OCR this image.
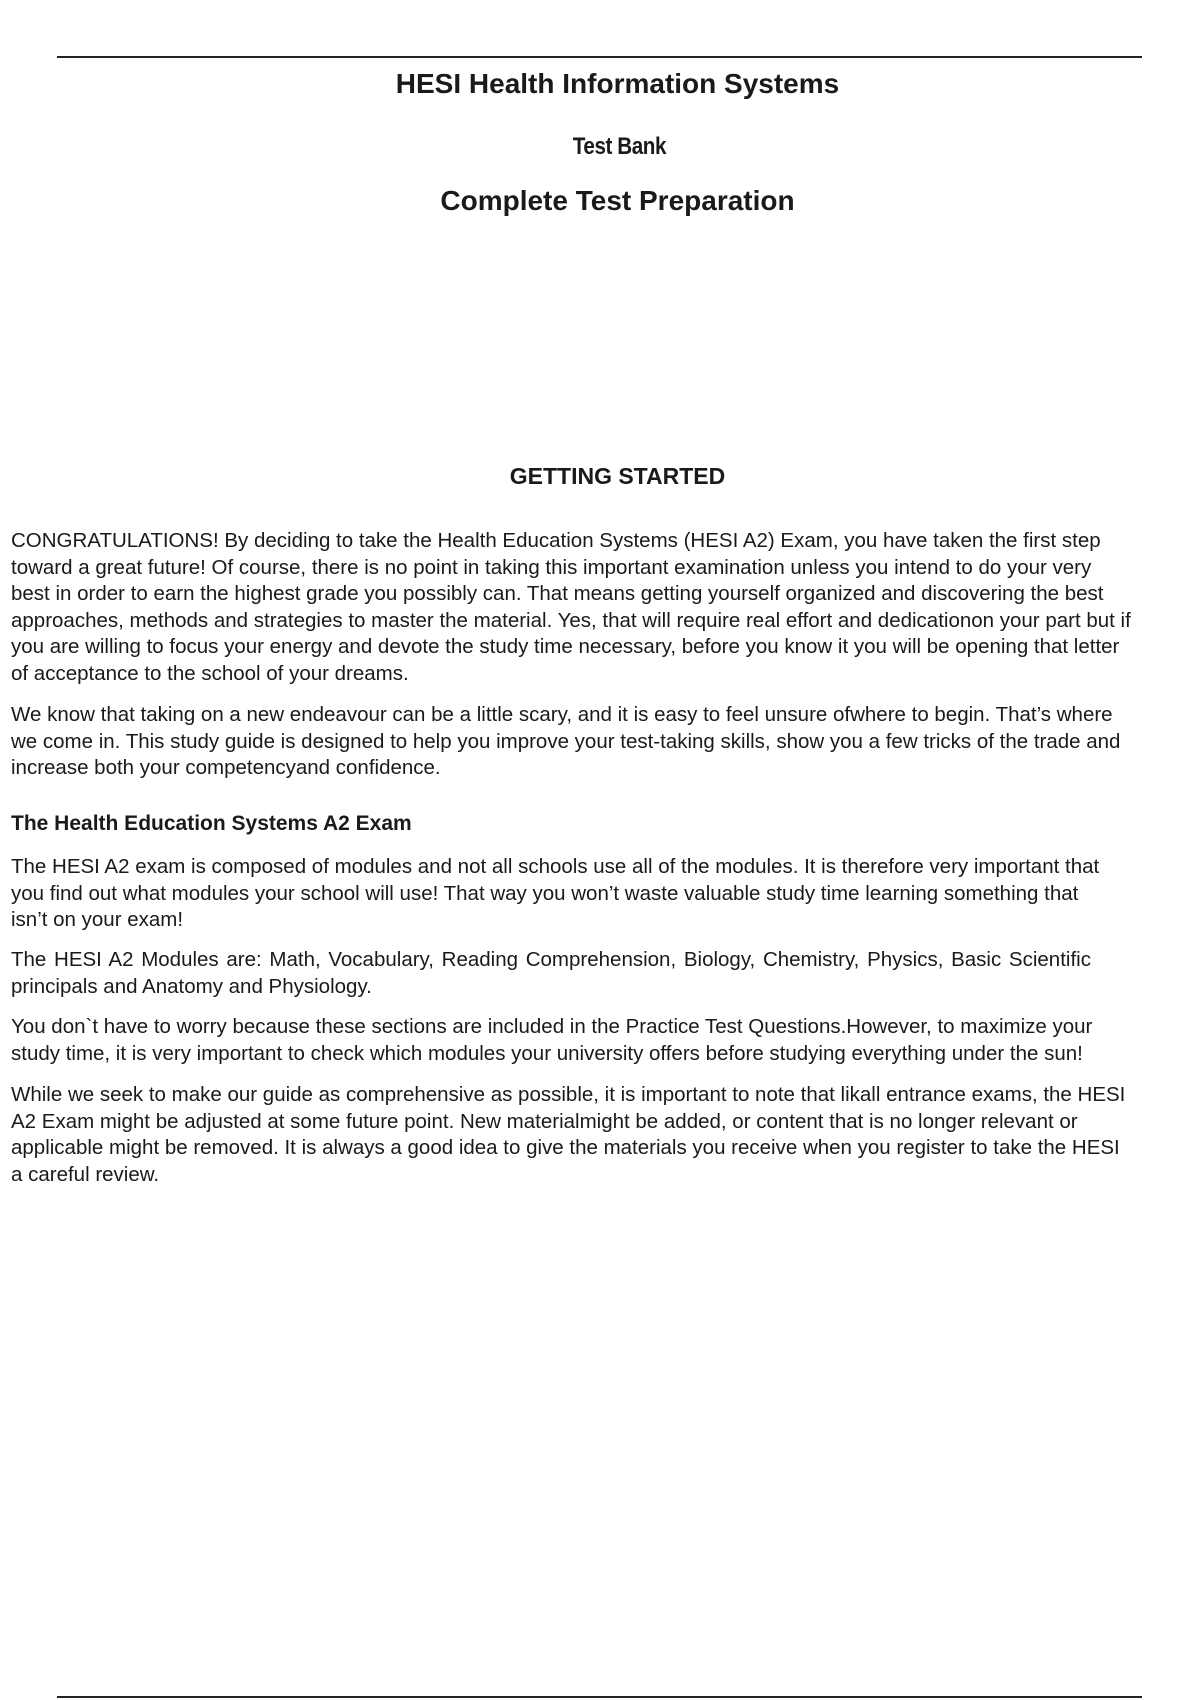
HESI Health Information Systems
Test Bank
Complete Test Preparation
GETTING STARTED

CONGRATULATIONS! By deciding to take the Health Education Systems (HESI A2) Exam, you have taken the first step
toward a great future! Of course, there is no point in taking this important examination unless you intend to do your very
best in order to earn the highest grade you possibly can. That means getting yourself organized and discovering the best
approaches, methods and strategies to master the material. Yes, that will require real effort and dedicationon your part but if
you are willing to focus your energy and devote the study time necessary, before you know it you will be opening that letter
of acceptance to the school of your dreams.

We know that taking on a new endeavour can be a little scary, and it is easy to feel unsure ofwhere to begin. That’s where
we come in. This study guide is designed to help you improve your test-taking skills, show you a few tricks of the trade and
increase both your competencyand confidence.

The Health Education Systems A2 Exam

The HESI A2 exam is composed of modules and not all schools use all of the modules. It is therefore very important that
you find out what modules your school will use! That way you won’t waste valuable study time learning something that
isn’t on your exam!

The HESI A2 Modules are: Math, Vocabulary, Reading Comprehension, Biology, Chemistry, Physics, Basic Scientific
principals and Anatomy and Physiology.

You don`t have to worry because these sections are included in the Practice Test Questions.However, to maximize your
study time, it is very important to check which modules your university offers before studying everything under the sun!

While we seek to make our guide as comprehensive as possible, it is important to note that likall entrance exams, the HESI
A2 Exam might be adjusted at some future point. New materialmight be added, or content that is no longer relevant or
applicable might be removed. It is always a good idea to give the materials you receive when you register to take the HESI
a careful review.
